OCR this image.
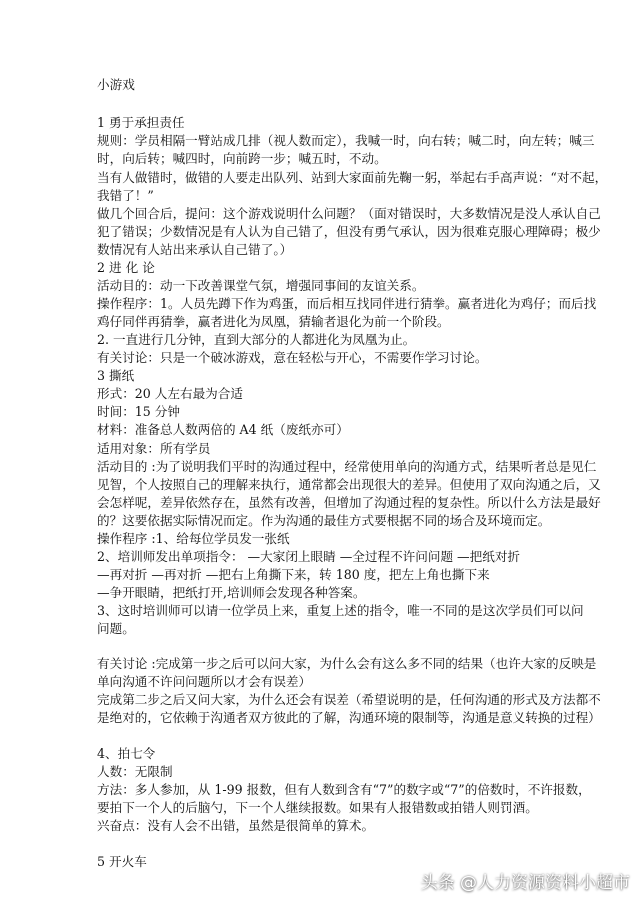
小游戏

1 勇于承担责任

规则：学员相隔一臂站成几排（视人数而定），我喊一时，向右转；喊二时，向左转；喊三

时，向后转；喊四时，向前跨一步；喊五时，不动。

当有人做错时，做错的人要走出队列、站到大家面前先鞠一躬，举起右手高声说：“对不起，

我错了！”

做几个回合后，提问：这个游戏说明什么问题？（面对错误时，大多数情况是没人承认自己

犯了错误；少数情况是有人认为自己错了，但没有勇气承认，因为很难克服心理障碍；极少

数情况有人站出来承认自己错了。）

2 进 化 论

活动目的：动一下改善课堂气氛，增强同事间的友谊关系。

操作程序：1。人员先蹲下作为鸡蛋，而后相互找同伴进行猜拳。赢者进化为鸡仔；而后找

鸡仔同伴再猜拳，赢者进化为凤凰，猜输者退化为前一个阶段。

2. 一直进行几分钟，直到大部分的人都进化为凤凰为止。

有关讨论：只是一个破冰游戏，意在轻松与开心，不需要作学习讨论。

3 撕纸

形式：20 人左右最为合适

时间：15 分钟

材料：准备总人数两倍的 A4 纸（废纸亦可）

适用对象：所有学员

活动目的 :为了说明我们平时的沟通过程中，经常使用单向的沟通方式，结果听者总是见仁

见智，个人按照自己的理解来执行，通常都会出现很大的差异。但使用了双向沟通之后，又

会怎样呢，差异依然存在，虽然有改善，但增加了沟通过程的复杂性。所以什么方法是最好

的？这要依据实际情况而定。作为沟通的最佳方式要根据不同的场合及环境而定。

操作程序 :1、给每位学员发一张纸

2、培训师发出单项指令： —大家闭上眼睛 —全过程不许问问题 —把纸对折

—再对折 —再对折 —把右上角撕下来，转 180 度，把左上角也撕下来

—争开眼睛，把纸打开,培训师会发现各种答案。

3、这时培训师可以请一位学员上来，重复上述的指令，唯一不同的是这次学员们可以问

问题。

有关讨论 :完成第一步之后可以问大家，为什么会有这么多不同的结果（也许大家的反映是

单向沟通不许问问题所以才会有误差）

完成第二步之后又问大家，为什么还会有误差（希望说明的是，任何沟通的形式及方法都不

是绝对的，它依赖于沟通者双方彼此的了解，沟通环境的限制等，沟通是意义转换的过程）

4、拍七令

人数：无限制

方法：多人参加，从 1-99 报数，但有人数到含有“7”的数字或“7”的倍数时，不许报数，

要拍下一个人的后脑勺，下一个人继续报数。如果有人报错数或拍错人则罚酒。

兴奋点：没有人会不出错，虽然是很简单的算术。

5 开火车

头条 @人力资源资料小超市
